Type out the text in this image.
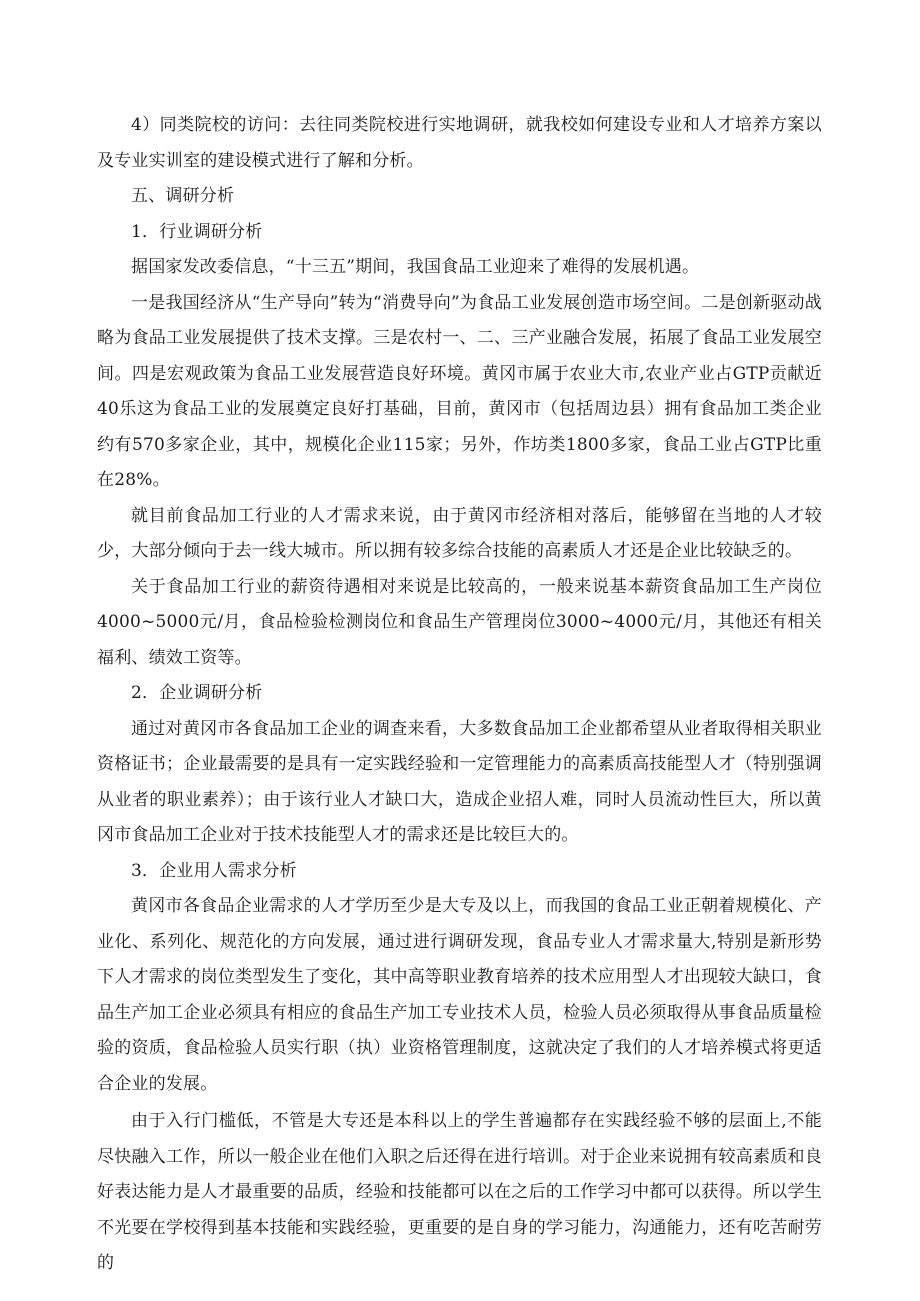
4）同类院校的访问：去往同类院校进行实地调研，就我校如何建设专业和人才培养方案以及专业实训室的建设模式进行了解和分析。

五、调研分析

1．行业调研分析

据国家发改委信息，“十三五”期间，我国食品工业迎来了难得的发展机遇。

一是我国经济从“生产导向”转为“消费导向”为食品工业发展创造市场空间。二是创新驱动战略为食品工业发展提供了技术支撑。三是农村一、二、三产业融合发展，拓展了食品工业发展空间。四是宏观政策为食品工业发展营造良好环境。黄冈市属于农业大市,农业产业占GTP贡献近40乐这为食品工业的发展奠定良好打基础，目前，黄冈市（包括周边县）拥有食品加工类企业约有570多家企业，其中，规模化企业115家；另外，作坊类1800多家，食品工业占GTP比重在28%。

就目前食品加工行业的人才需求来说，由于黄冈市经济相对落后，能够留在当地的人才较少，大部分倾向于去一线大城市。所以拥有较多综合技能的高素质人才还是企业比较缺乏的。

关于食品加工行业的薪资待遇相对来说是比较高的，一般来说基本薪资食品加工生产岗位4000~5000元/月，食品检验检测岗位和食品生产管理岗位3000~4000元/月，其他还有相关福利、绩效工资等。

2．企业调研分析

通过对黄冈市各食品加工企业的调查来看，大多数食品加工企业都希望从业者取得相关职业资格证书；企业最需要的是具有一定实践经验和一定管理能力的高素质高技能型人才（特别强调从业者的职业素养）；由于该行业人才缺口大，造成企业招人难，同时人员流动性巨大，所以黄冈市食品加工企业对于技术技能型人才的需求还是比较巨大的。

3．企业用人需求分析

黄冈市各食品企业需求的人才学历至少是大专及以上，而我国的食品工业正朝着规模化、产业化、系列化、规范化的方向发展，通过进行调研发现，食品专业人才需求量大,特别是新形势下人才需求的岗位类型发生了变化，其中高等职业教育培养的技术应用型人才出现较大缺口，食品生产加工企业必须具有相应的食品生产加工专业技术人员，检验人员必须取得从事食品质量检验的资质，食品检验人员实行职（执）业资格管理制度，这就决定了我们的人才培养模式将更适合企业的发展。

由于入行门槛低，不管是大专还是本科以上的学生普遍都存在实践经验不够的层面上,不能尽快融入工作，所以一般企业在他们入职之后还得在进行培训。对于企业来说拥有较高素质和良好表达能力是人才最重要的品质，经验和技能都可以在之后的工作学习中都可以获得。所以学生不光要在学校得到基本技能和实践经验，更重要的是自身的学习能力，沟通能力，还有吃苦耐劳的
